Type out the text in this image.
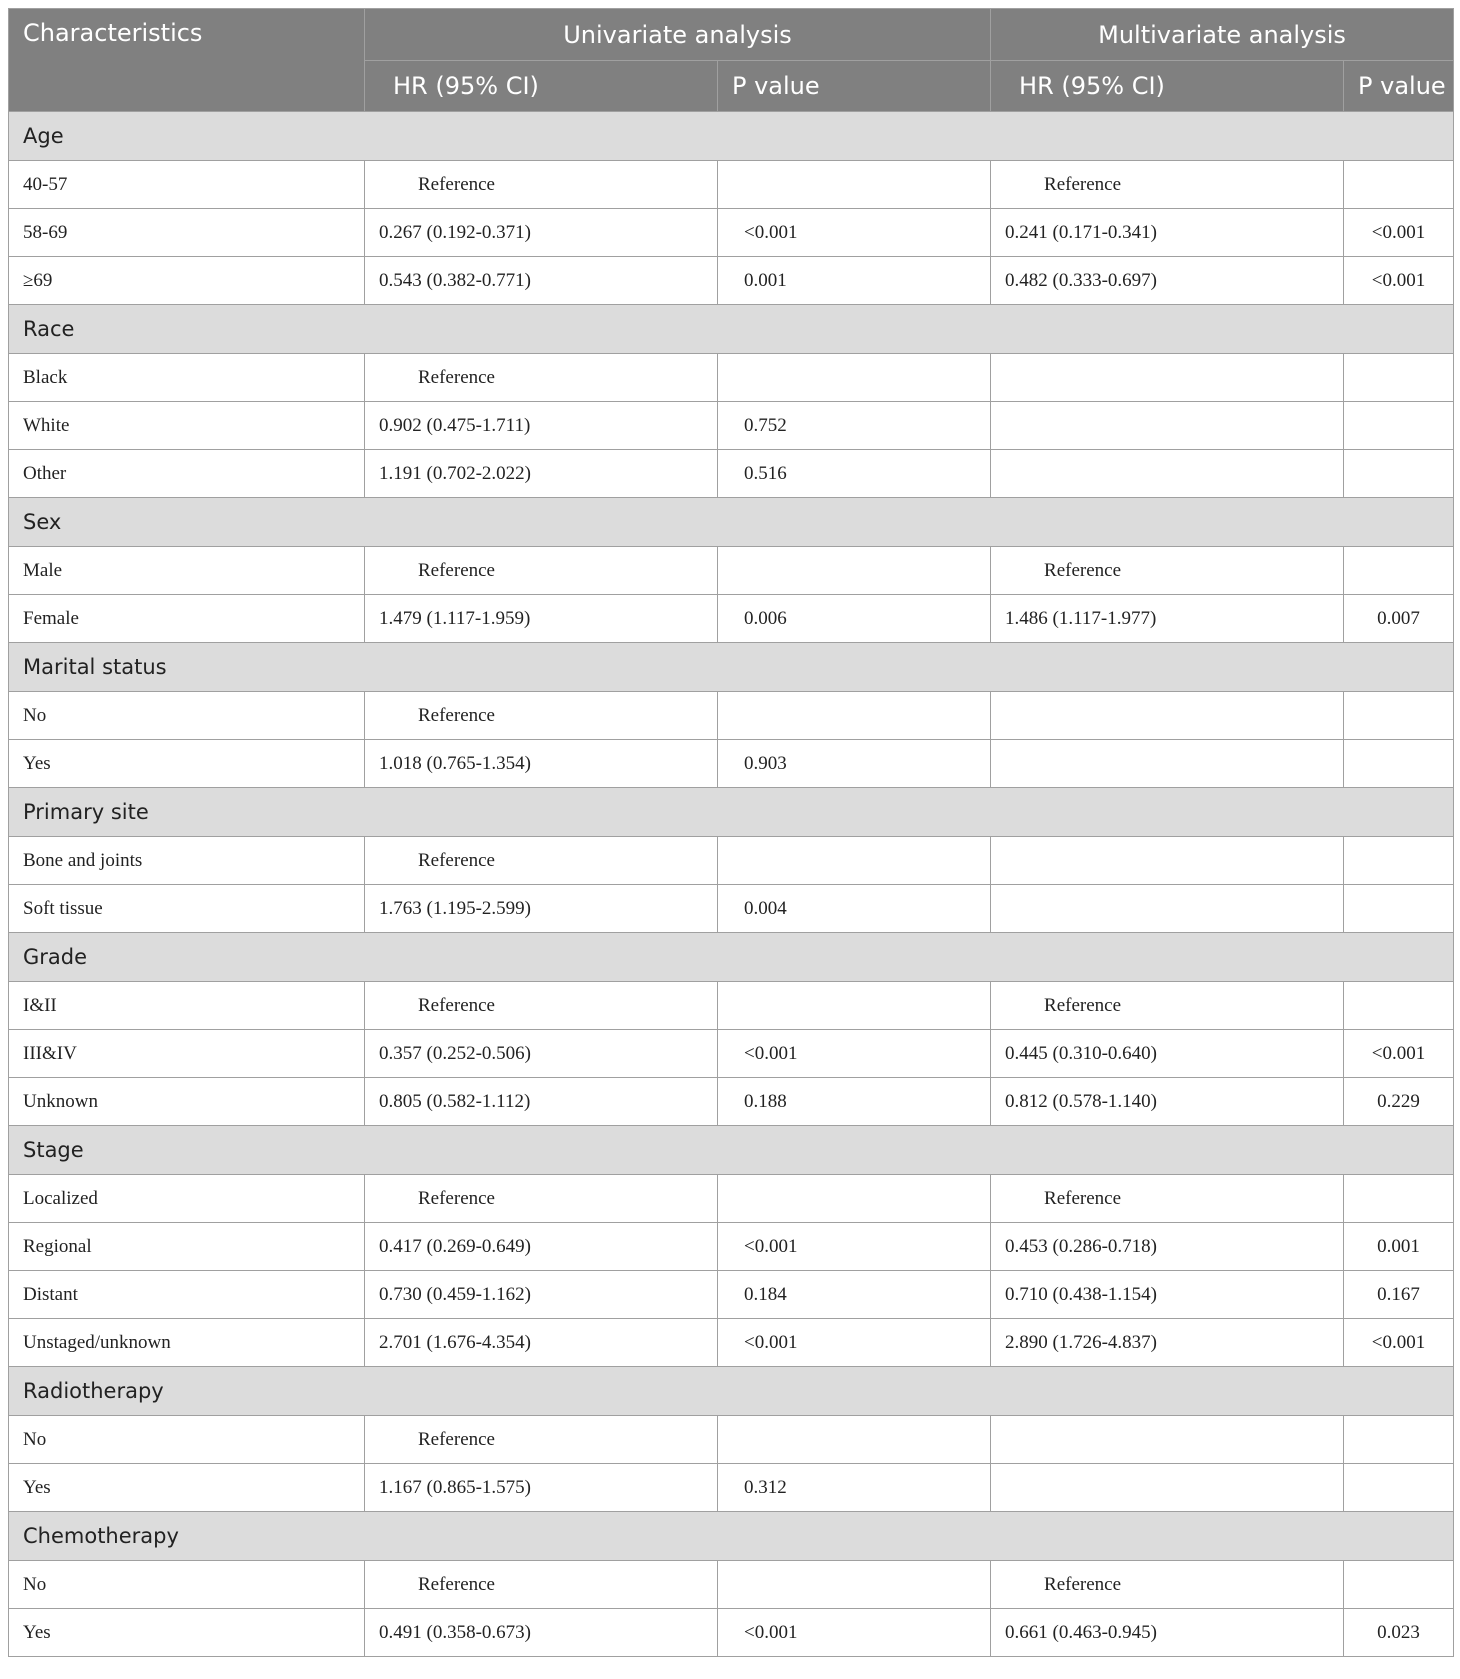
Characteristics	Univariate analysis		Multivariate analysis	
	HR (95% CI)	P value	HR (95% CI)	P value
Age				
40-57	Reference		Reference	
58-69	0.267 (0.192-0.371)	<0.001	0.241 (0.171-0.341)	<0.001
≥69	0.543 (0.382-0.771)	0.001	0.482 (0.333-0.697)	<0.001
Race				
Black	Reference			
White	0.902 (0.475-1.711)	0.752		
Other	1.191 (0.702-2.022)	0.516		
Sex				
Male	Reference		Reference	
Female	1.479 (1.117-1.959)	0.006	1.486 (1.117-1.977)	0.007
Marital status				
No	Reference			
Yes	1.018 (0.765-1.354)	0.903		
Primary site				
Bone and joints	Reference			
Soft tissue	1.763 (1.195-2.599)	0.004		
Grade				
I&II	Reference		Reference	
III&IV	0.357 (0.252-0.506)	<0.001	0.445 (0.310-0.640)	<0.001
Unknown	0.805 (0.582-1.112)	0.188	0.812 (0.578-1.140)	0.229
Stage				
Localized	Reference		Reference	
Regional	0.417 (0.269-0.649)	<0.001	0.453 (0.286-0.718)	0.001
Distant	0.730 (0.459-1.162)	0.184	0.710 (0.438-1.154)	0.167
Unstaged/unknown	2.701 (1.676-4.354)	<0.001	2.890 (1.726-4.837)	<0.001
Radiotherapy				
No	Reference			
Yes	1.167 (0.865-1.575)	0.312		
Chemotherapy				
No	Reference		Reference	
Yes	0.491 (0.358-0.673)	<0.001	0.661 (0.463-0.945)	0.023
